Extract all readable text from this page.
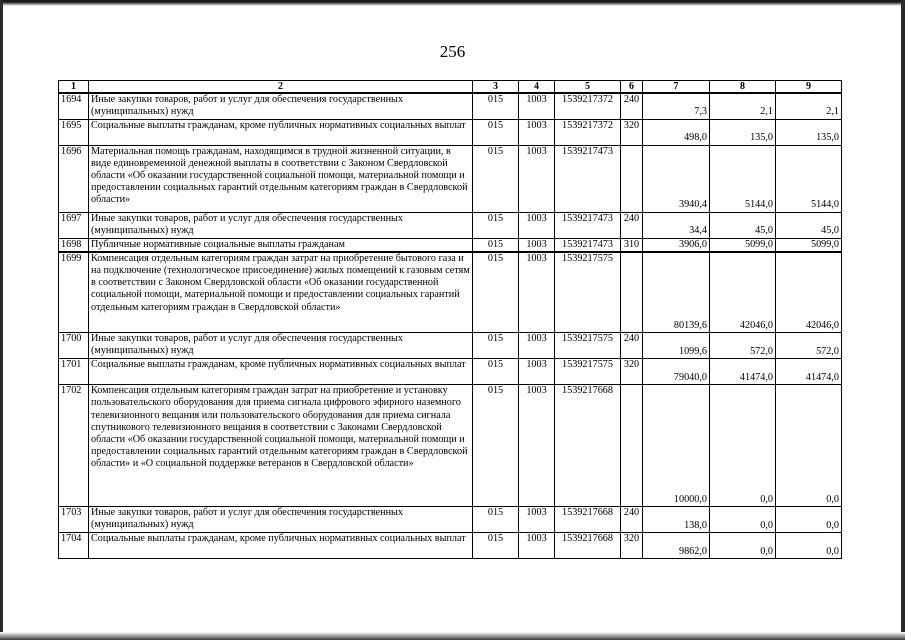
256
1	2	3	4	5	6	7	8	9
1694	Иные закупки товаров, работ и услуг для обеспечения государственных (муниципальных) нужд	015	1003	1539217372	240	7,3	2,1	2,1
1695	Социальные выплаты гражданам, кроме публичных нормативных социальных выплат	015	1003	1539217372	320	498,0	135,0	135,0
1696	Материальная помощь гражданам, находящимся в трудной жизненной ситуации, в виде единовременной денежной выплаты в соответствии с Законом Свердловской области «Об оказании государственной социальной помощи, материальной помощи и предоставлении социальных гарантий отдельным категориям граждан в Свердловской области»	015	1003	1539217473		3940,4	5144,0	5144,0
1697	Иные закупки товаров, работ и услуг для обеспечения государственных (муниципальных) нужд	015	1003	1539217473	240	34,4	45,0	45,0
1698	Публичные нормативные социальные выплаты гражданам	015	1003	1539217473	310	3906,0	5099,0	5099,0
1699	Компенсация отдельным категориям граждан затрат на приобретение бытового газа и на подключение (технологическое присоединение) жилых помещений к газовым сетям в соответствии с Законом Свердловской области «Об оказании государственной социальной помощи, материальной помощи и предоставлении социальных гарантий отдельным категориям граждан в Свердловской области»	015	1003	1539217575		80139,6	42046,0	42046,0
1700	Иные закупки товаров, работ и услуг для обеспечения государственных (муниципальных) нужд	015	1003	1539217575	240	1099,6	572,0	572,0
1701	Социальные выплаты гражданам, кроме публичных нормативных социальных выплат	015	1003	1539217575	320	79040,0	41474,0	41474,0
1702	Компенсация отдельным категориям граждан затрат на приобретение и установку пользовательского оборудования для приема сигнала цифрового эфирного наземного телевизионного вещания или пользовательского оборудования для приема сигнала спутникового телевизионного вещания в соответствии с Законами Свердловской области «Об оказании государственной социальной помощи, материальной помощи и предоставлении социальных гарантий отдельным категориям граждан в Свердловской области» и «О социальной поддержке ветеранов в Свердловской области»	015	1003	1539217668		10000,0	0,0	0,0
1703	Иные закупки товаров, работ и услуг для обеспечения государственных (муниципальных) нужд	015	1003	1539217668	240	138,0	0,0	0,0
1704	Социальные выплаты гражданам, кроме публичных нормативных социальных выплат	015	1003	1539217668	320	9862,0	0,0	0,0
